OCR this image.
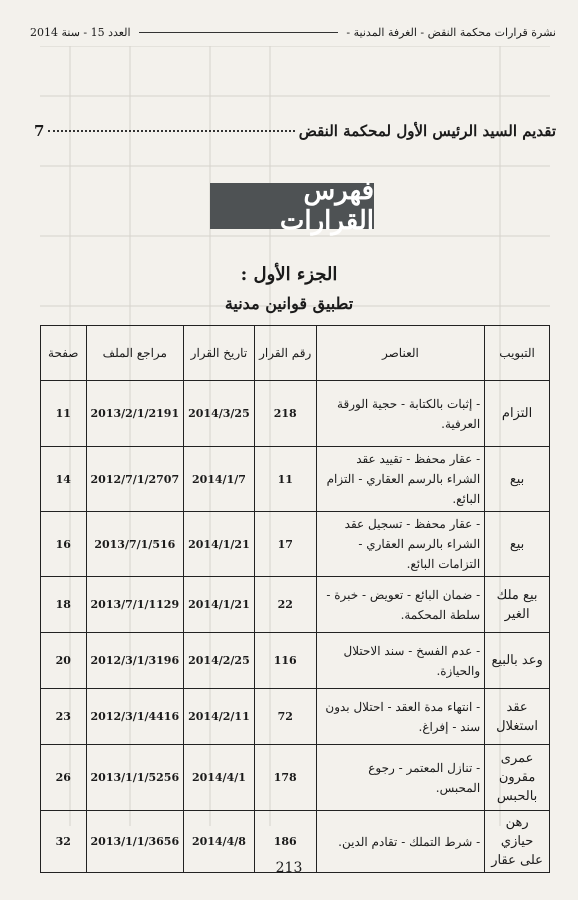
نشرة قرارات محكمة النقض - الغرفة المدنية -
العدد 15 - سنة 2014
تقديم السيد الرئيس الأول لمحكمة النقض
7
فهرس القرارات
الجزء الأول :
تطبيق قوانين مدنية
التبويب	العناصر	رقم القرار	تاريخ القرار	مراجع الملف	صفحة
التزام	- إثبات بالكتابة - حجية الورقة العرفية.	218	2014/3/25	2013/2/1/2191	11
بيع	- عقار محفظ - تقييد عقد الشراء بالرسم العقاري - التزام البائع.	11	2014/1/7	2012/7/1/2707	14
بيع	- عقار محفظ - تسجيل عقد الشراء بالرسم العقاري - التزامات البائع.	17	2014/1/21	2013/7/1/516	16
بيع ملك الغير	- ضمان البائع - تعويض - خبرة - سلطة المحكمة.	22	2014/1/21	2013/7/1/1129	18
وعد بالبيع	- عدم الفسخ - سند الاحتلال والحيازة.	116	2014/2/25	2012/3/1/3196	20
عقد استغلال	- انتهاء مدة العقد - احتلال بدون سند - إفراغ.	72	2014/2/11	2012/3/1/4416	23
عمرى مقرون بالحبس	- تنازل المعتمر - رجوع المحبس.	178	2014/4/1	2013/1/1/5256	26
رهن حيازي على عقار	- شرط التملك - تقادم الدين.	186	2014/4/8	2013/1/1/3656	32
213
